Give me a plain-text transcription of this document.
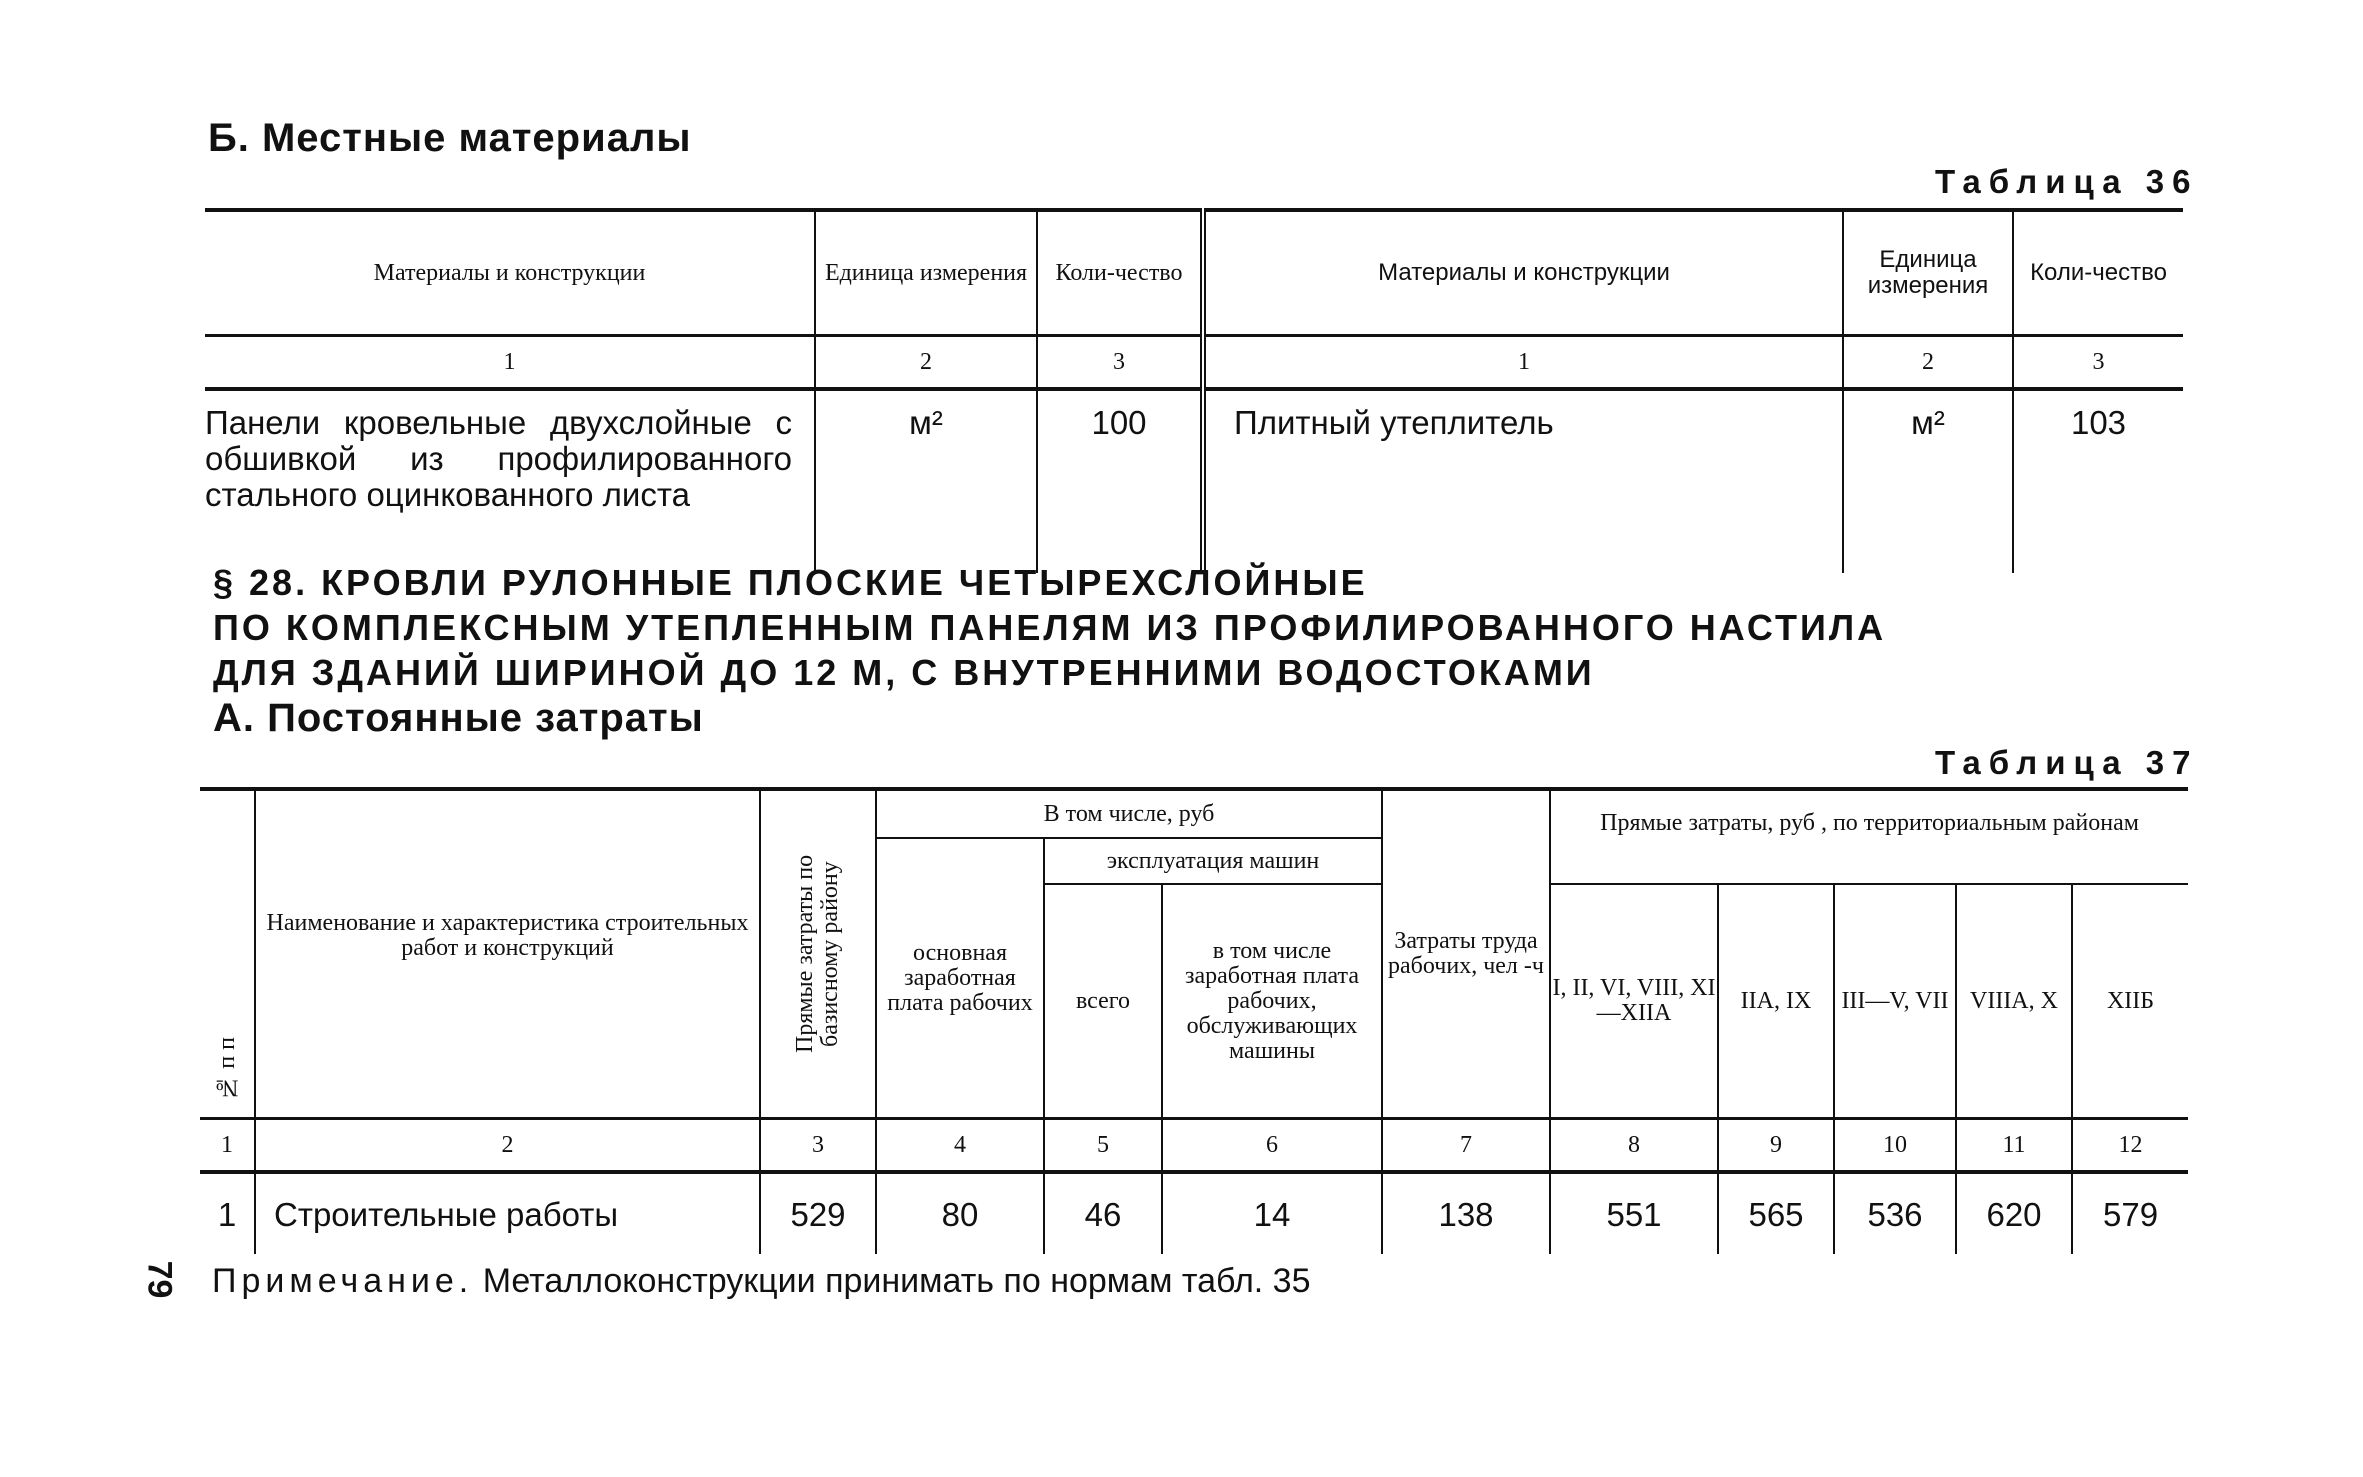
Б. Местные материалы
Таблица 36
Материалы и конструкции	Единица измерения	Коли-чество	Материалы и конструкции	Единица измерения	Коли-чество
1	2	3	1	2	3
Панели кровельные двухслойные с обшивкой из профилированного стального оцинкованного листа	м²	100	Плитный утеплитель	м²	103
§ 28. КРОВЛИ РУЛОННЫЕ ПЛОСКИЕ ЧЕТЫРЕХСЛОЙНЫЕ
ПО КОМПЛЕКСНЫМ УТЕПЛЕННЫМ ПАНЕЛЯМ ИЗ ПРОФИЛИРОВАННОГО НАСТИЛА
ДЛЯ ЗДАНИЙ ШИРИНОЙ ДО 12 М, С ВНУТРЕННИМИ ВОДОСТОКАМИ
А. Постоянные затраты
Таблица 37
№ п п	Наименование и характеристика строительных работ и конструкций	Прямые затраты по базисному району	В том числе, руб			Затраты труда рабочих, чел -ч	Прямые затраты, руб , по территориальным районам				
			основная заработная плата рабочих	эксплуатация машин							
				всего	в том числе заработная плата рабочих, обслуживающих машины		I, II, VI, VIII, XI—XIIА	IIА, IX	III—V, VII	VIIIА, X	XIIБ
1	2	3	4	5	6	7	8	9	10	11	12
1	Строительные работы	529	80	46	14	138	551	565	536	620	579
79 Примечание. Металлоконструкции принимать по нормам табл. 35
